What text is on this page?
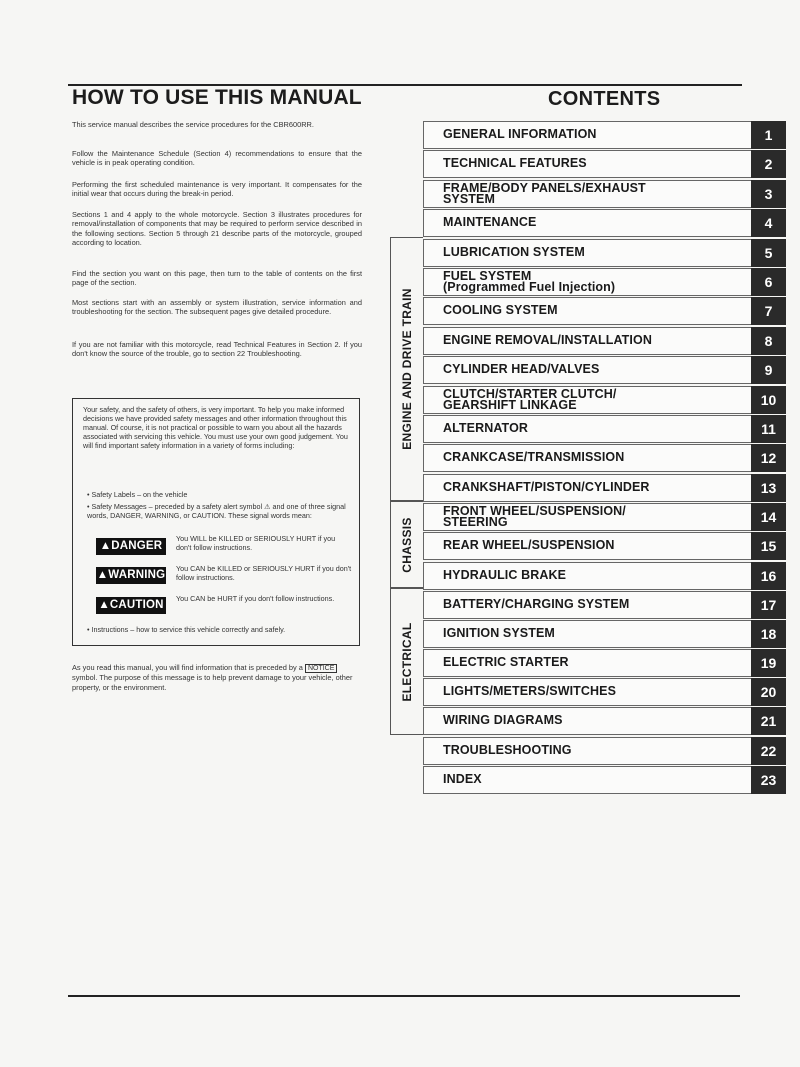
HOW TO USE THIS MANUAL
This service manual describes the service procedures for the CBR600RR.
Follow the Maintenance Schedule (Section 4) recommendations to ensure that the vehicle is in peak operating condition.
Performing the first scheduled maintenance is very important. It compensates for the initial wear that occurs during the break-in period.
Sections 1 and 4 apply to the whole motorcycle. Section 3 illustrates procedures for removal/installation of components that may be required to perform service described in the following sections. Section 5 through 21 describe parts of the motorcycle, grouped according to location.
Find the section you want on this page, then turn to the table of contents on the first page of the section.
Most sections start with an assembly or system illustration, service information and troubleshooting for the section. The subsequent pages give detailed procedure.
If you are not familiar with this motorcycle, read Technical Features in Section 2. If you don't know the source of the trouble, go to section 22 Troubleshooting.
Your safety, and the safety of others, is very important. To help you make informed decisions we have provided safety messages and other information throughout this manual. Of course, it is not practical or possible to warn you about all the hazards associated with servicing this vehicle. You must use your own good judgement. You will find important safety information in a variety of forms including:
• Safety Labels – on the vehicle
• Safety Messages – preceded by a safety alert symbol ⚠ and one of three signal words, DANGER, WARNING, or CAUTION. These signal words mean:
▲DANGER
You WILL be KILLED or SERIOUSLY HURT if you don't follow instructions.
▲WARNING
You CAN be KILLED or SERIOUSLY HURT if you don't follow instructions.
▲CAUTION
You CAN be HURT if you don't follow instructions.
• Instructions – how to service this vehicle correctly and safely.
As you read this manual, you will find information that is preceded by a NOTICE symbol. The purpose of this message is to help prevent damage to your vehicle, other property, or the environment.
CONTENTS
ENGINE AND DRIVE TRAIN
CHASSIS
ELECTRICAL
GENERAL INFORMATION	1
TECHNICAL FEATURES	2
FRAME/BODY PANELS/EXHAUST
SYSTEM	3
MAINTENANCE	4
LUBRICATION SYSTEM	5
FUEL SYSTEM
(Programmed Fuel Injection)	6
COOLING SYSTEM	7
ENGINE REMOVAL/INSTALLATION	8
CYLINDER HEAD/VALVES	9
CLUTCH/STARTER CLUTCH/
GEARSHIFT LINKAGE	10
ALTERNATOR	11
CRANKCASE/TRANSMISSION	12
CRANKSHAFT/PISTON/CYLINDER	13
FRONT WHEEL/SUSPENSION/
STEERING	14
REAR WHEEL/SUSPENSION	15
HYDRAULIC BRAKE	16
BATTERY/CHARGING SYSTEM	17
IGNITION SYSTEM	18
ELECTRIC STARTER	19
LIGHTS/METERS/SWITCHES	20
WIRING DIAGRAMS	21
TROUBLESHOOTING	22
INDEX	23
